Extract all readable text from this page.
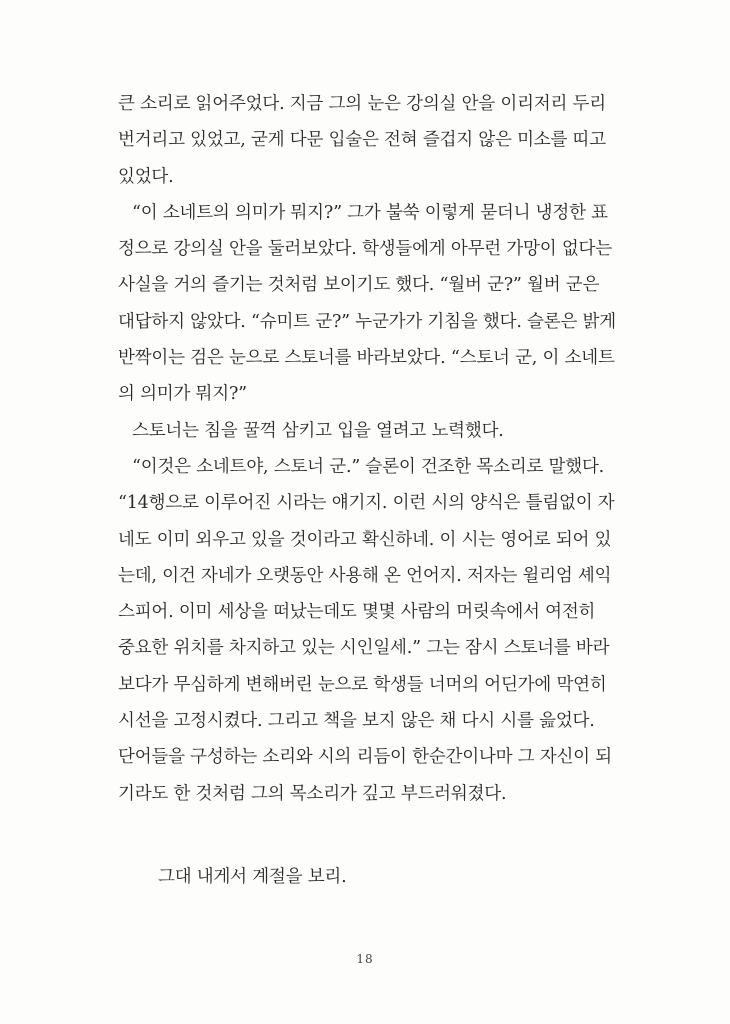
큰 소리로 읽어주었다. 지금 그의 눈은 강의실 안을 이리저리 두리
번거리고 있었고, 굳게 다문 입술은 전혀 즐겁지 않은 미소를 띠고
있었다.
“이 소네트의 의미가 뭐지?” 그가 불쑥 이렇게 묻더니 냉정한 표
정으로 강의실 안을 둘러보았다. 학생들에게 아무런 가망이 없다는
사실을 거의 즐기는 것처럼 보이기도 했다. “월버 군?” 월버 군은
대답하지 않았다. “슈미트 군?” 누군가가 기침을 했다. 슬론은 밝게
반짝이는 검은 눈으로 스토너를 바라보았다. “스토너 군, 이 소네트
의 의미가 뭐지?”
스토너는 침을 꿀꺽 삼키고 입을 열려고 노력했다.
“이것은 소네트야, 스토너 군.” 슬론이 건조한 목소리로 말했다.
“14행으로 이루어진 시라는 얘기지. 이런 시의 양식은 틀림없이 자
네도 이미 외우고 있을 것이라고 확신하네. 이 시는 영어로 되어 있
는데, 이건 자네가 오랫동안 사용해 온 언어지. 저자는 윌리엄 셰익
스피어. 이미 세상을 떠났는데도 몇몇 사람의 머릿속에서 여전히
중요한 위치를 차지하고 있는 시인일세.” 그는 잠시 스토너를 바라
보다가 무심하게 변해버린 눈으로 학생들 너머의 어딘가에 막연히
시선을 고정시켰다. 그리고 책을 보지 않은 채 다시 시를 읊었다.
단어들을 구성하는 소리와 시의 리듬이 한순간이나마 그 자신이 되
기라도 한 것처럼 그의 목소리가 깊고 부드러워졌다.
그대 내게서 계절을 보리.
18
